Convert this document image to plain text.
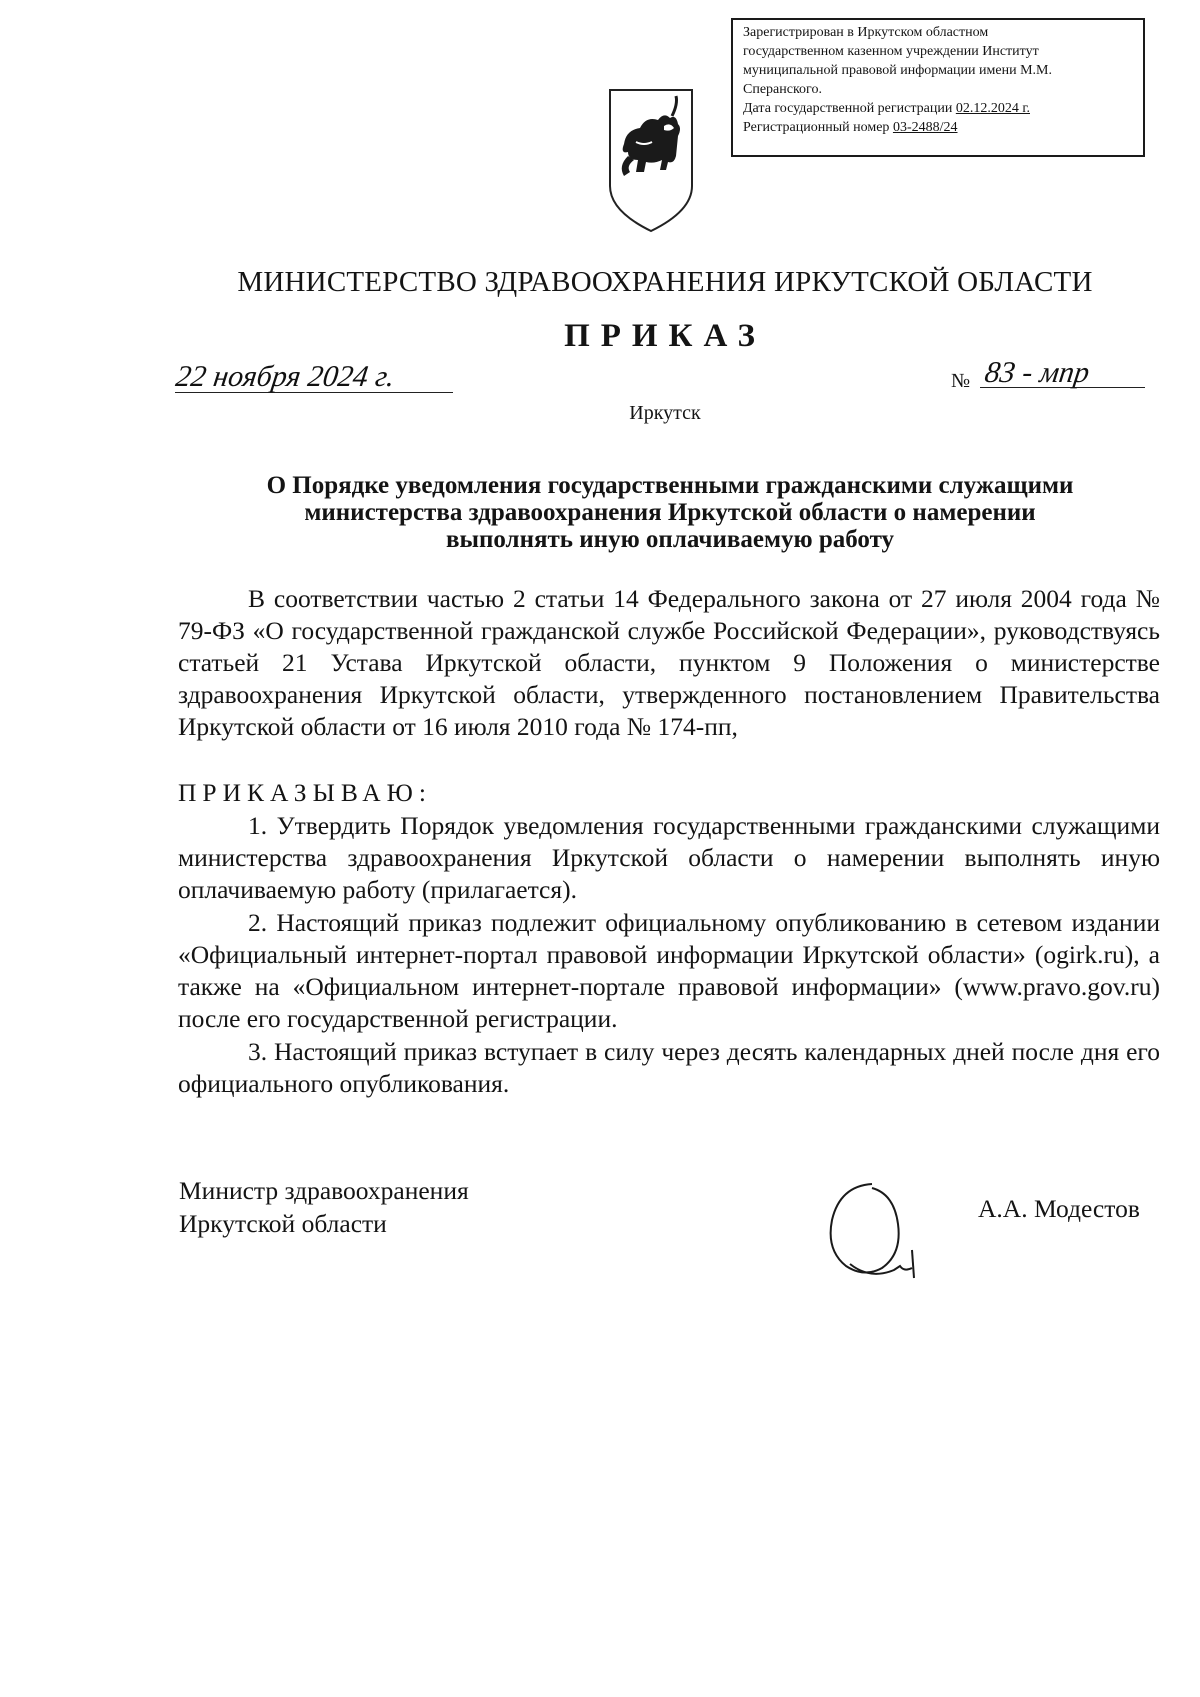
Зарегистрирован в Иркутском областном
государственном казенном учреждении Институт
муниципальной правовой информации имени М.М.
Сперанского.
Дата государственной регистрации 02.12.2024 г.
Регистрационный номер 03-2488/24
МИНИСТЕРСТВО ЗДРАВООХРАНЕНИЯ ИРКУТСКОЙ ОБЛАСТИ
ПРИКАЗ
22 ноября 2024 г.	№ 83 - мпр
Иркутск
О Порядке уведомления государственными гражданскими служащими
министерства здравоохранения Иркутской области о намерении
выполнять иную оплачиваемую работу
В соответствии частью 2 статьи 14 Федерального закона от 27 июля 2004 года № 79-ФЗ «О государственной гражданской службе Российской Федерации», руководствуясь статьей 21 Устава Иркутской области, пунктом 9 Положения о министерстве здравоохранения Иркутской области, утвержденного постановлением Правительства Иркутской области от 16 июля 2010 года № 174-пп,
ПРИКАЗЫВАЮ:
1. Утвердить Порядок уведомления государственными гражданскими служащими министерства здравоохранения Иркутской области о намерении выполнять иную оплачиваемую работу (прилагается).
2. Настоящий приказ подлежит официальному опубликованию в сетевом издании «Официальный интернет-портал правовой информации Иркутской области» (ogirk.ru), а также на «Официальном интернет-портале правовой информации» (www.pravo.gov.ru) после его государственной регистрации.
3. Настоящий приказ вступает в силу через десять календарных дней после дня его официального опубликования.
Министр здравоохранения
Иркутской области
А.А. Модестов
